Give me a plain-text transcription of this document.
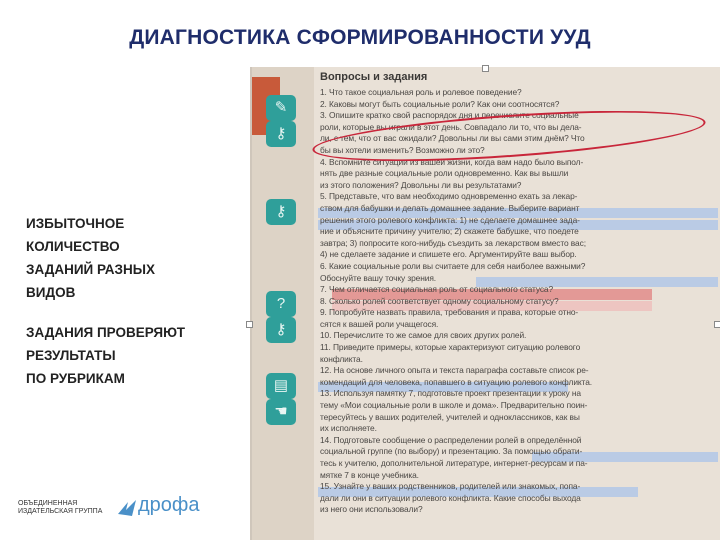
ДИАГНОСТИКА СФОРМИРОВАННОСТИ УУД
ИЗБЫТОЧНОЕ
КОЛИЧЕСТВО
ЗАДАНИЙ РАЗНЫХ
ВИДОВ
ЗАДАНИЯ ПРОВЕРЯЮТ
РЕЗУЛЬТАТЫ
ПО РУБРИКАМ
ОБЪЕДИНЕННАЯ
ИЗДАТЕЛЬСКАЯ ГРУППА дрофа
✎
⚷
⚷
?
⚷
▤
☚
Вопросы и задания
1. Что такое социальная роль и ролевое поведение?
2. Каковы могут быть социальные роли? Как они соотносятся?
3. Опишите кратко свой распорядок дня и перечислите социальные
роли, которые вы играли в этот день. Совпадало ли то, что вы дела-
ли, с тем, что от вас ожидали? Довольны ли вы сами этим днём? Что
бы вы хотели изменить? Возможно ли это?
4. Вспомните ситуации из вашей жизни, когда вам надо было выпол-
нять две разные социальные роли одновременно. Как вы вышли
из этого положения? Довольны ли вы результатами?
5. Представьте, что вам необходимо одновременно ехать за лекар-
ством для бабушки и делать домашнее задание. Выберите вариант
решения этого ролевого конфликта: 1) не сделаете домашнее зада-
ние и объясните причину учителю; 2) скажете бабушке, что поедете
завтра; 3) попросите кого-нибудь съездить за лекарством вместо вас;
4) не сделаете задание и спишете его. Аргументируйте ваш выбор.
6. Какие социальные роли вы считаете для себя наиболее важными?
Обоснуйте вашу точку зрения.
7. Чем отличается социальная роль от социального статуса?
8. Сколько ролей соответствует одному социальному статусу?
9. Попробуйте назвать правила, требования и права, которые отно-
сятся к вашей роли учащегося.
10. Перечислите то же самое для своих других ролей.
11. Приведите примеры, которые характеризуют ситуацию ролевого
конфликта.
12. На основе личного опыта и текста параграфа составьте список ре-
комендаций для человека, попавшего в ситуацию ролевого конфликта.
13. Используя памятку 7, подготовьте проект презентации к уроку на
тему «Мои социальные роли в школе и дома». Предварительно поин-
тересуйтесь у ваших родителей, учителей и одноклассников, как вы
их исполняете.
14. Подготовьте сообщение о распределении ролей в определённой
социальной группе (по выбору) и презентацию. За помощью обрати-
тесь к учителю, дополнительной литературе, интернет-ресурсам и па-
мятке 7 в конце учебника.
15. Узнайте у ваших родственников, родителей или знакомых, попа-
дали ли они в ситуации ролевого конфликта. Какие способы выхода
из него они использовали?
